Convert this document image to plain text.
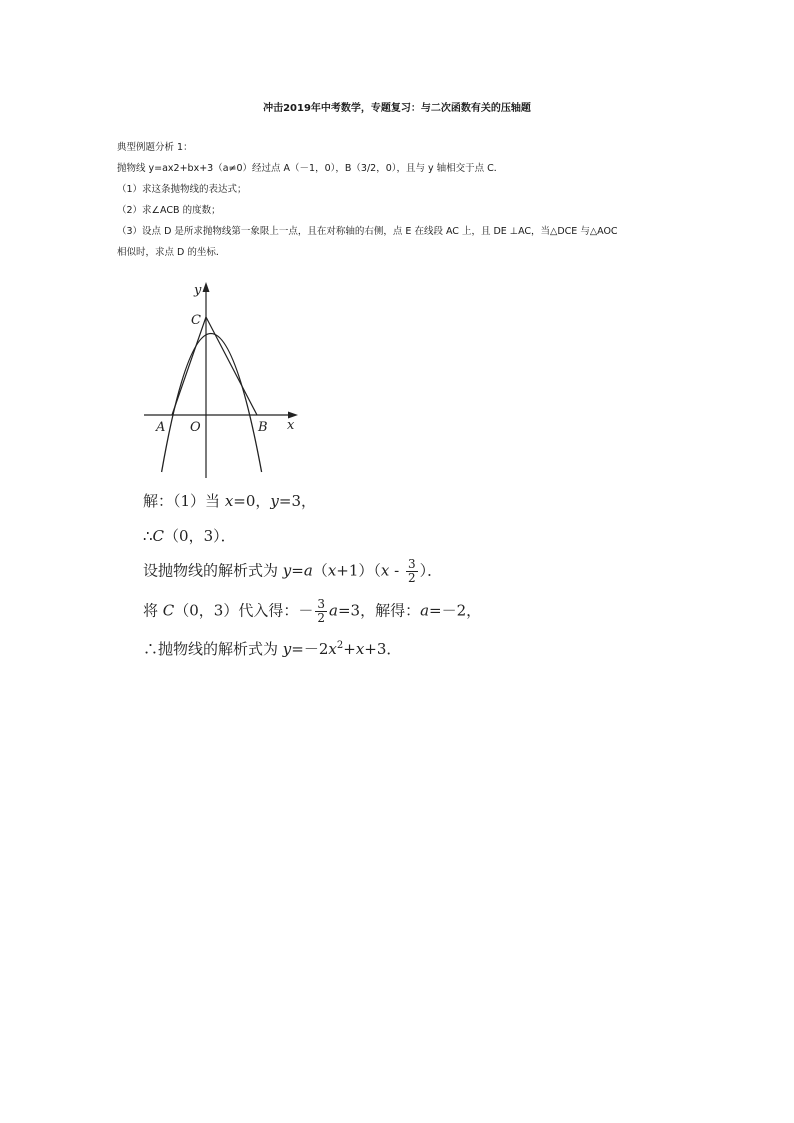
冲击2019年中考数学，专题复习：与二次函数有关的压轴题
典型例题分析 1：
抛物线 y=ax2+bx+3（a≠0）经过点 A（－1，0），B（3/2，0），且与 y 轴相交于点 C．
（1）求这条抛物线的表达式；
（2）求∠ACB 的度数；
（3）设点 D 是所求抛物线第一象限上一点，且在对称轴的右侧，点 E 在线段 AC 上，且 DE ⊥AC，当△DCE 与△AOC
相似时，求点 D 的坐标．
y
C
A O	B x
解：（1）当 x=0，y=3，
∴C（0，3）．
设抛物线的解析式为 $y=a(x+1)(x - \frac{3}{2}$ ）．
将 C（0，3）代入得：－ $\frac{3}{2} a=3$，解得：a=－2，
∴抛物线的解析式为 $y=-2x^2+x+3$．
